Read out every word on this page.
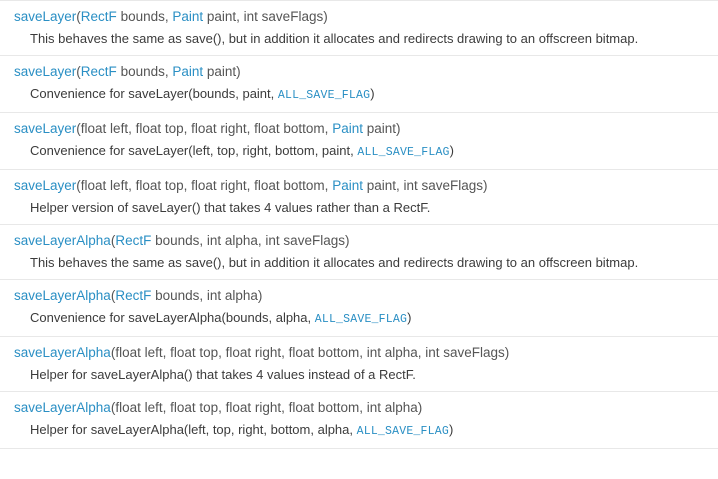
saveLayer(RectF bounds, Paint paint, int saveFlags)
This behaves the same as save(), but in addition it allocates and redirects drawing to an offscreen bitmap.
saveLayer(RectF bounds, Paint paint)
Convenience for saveLayer(bounds, paint, ALL_SAVE_FLAG)
saveLayer(float left, float top, float right, float bottom, Paint paint)
Convenience for saveLayer(left, top, right, bottom, paint, ALL_SAVE_FLAG)
saveLayer(float left, float top, float right, float bottom, Paint paint, int saveFlags)
Helper version of saveLayer() that takes 4 values rather than a RectF.
saveLayerAlpha(RectF bounds, int alpha, int saveFlags)
This behaves the same as save(), but in addition it allocates and redirects drawing to an offscreen bitmap.
saveLayerAlpha(RectF bounds, int alpha)
Convenience for saveLayerAlpha(bounds, alpha, ALL_SAVE_FLAG)
saveLayerAlpha(float left, float top, float right, float bottom, int alpha, int saveFlags)
Helper for saveLayerAlpha() that takes 4 values instead of a RectF.
saveLayerAlpha(float left, float top, float right, float bottom, int alpha)
Helper for saveLayerAlpha(left, top, right, bottom, alpha, ALL_SAVE_FLAG)
